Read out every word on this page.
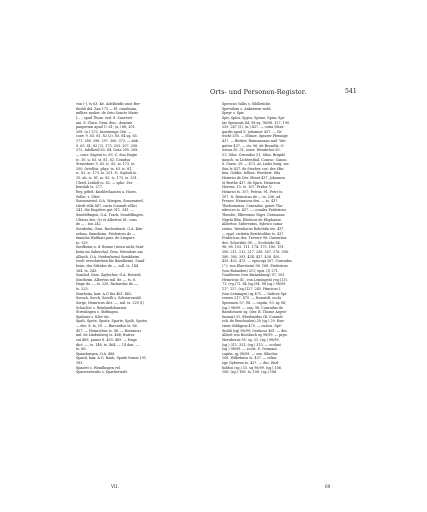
Orts- und Personen-Register.	541
von (-), ts 63; Ke. Adelheidis uxor Ber-
tholdi del. Zan 172 — El. conubium,
milher. mulier. de Orto Sancte Marie
[— ; spud Thum. eed. 8. Suavesti-
ani. S. Clara. Gent. disc., dearum
pauperum apud U. 61; (u.) 68; 201.
208. (u.) 272. Iusemenge 266. —
conv. 9. 63. 81. 82 (2). 83. 84 sq. 85.
171. 280. 296. 297. 306. 373. — abb.
9. 63. 81. 82 (2). 173. 203. 207. 208.
272. Adelheid 83. 84. Guta 200. 208.
— conv. Sagern io. 63. C. don Hagte
ic. 10. u. 63. st. 81. 82. Coradus
Strassburc 9. 63. ic. 82. io. 173. io.
200. Ortolfus. phys. ts. 63. ic. 81.
ic. 82. ic. 173. io. 201. 8;. Sigholt io.
10. ab. ic. 81. io. 82. ic. 173. io. 201.
Ulrich Leidolf io. 82. — splie. Zei-
benslab ts. 277.
Rey, pébel. Knoblethausen a. Hoerc.
Selbe. s. Slter.
Sonnenwied, O.A. Wimpen, Sonnenried,
rtiedt villa 467. curia Conradi villici
241. die Engelers gut 311. 341. —
Sendelfingen, O.A. Track, Sendelfingen.
Ulricus des. Os et Albertus 81. cons
de — , ton 242.
Sornbelm, Gem. Bachenbach, O.A. Kün-
zelsau, Samsheim. Fridericus de —
famulus Walthari pins. de Limpurs
io. 129.
Sordheim u. d. Breme (wenn nicht Sent-
heim im Sakerchal, Gem. Steindorn am
Albuch, O.A. Neidenheim) Sumkheim
(welt verschrieben für Bandheim). Sund-
heim. des Sifridus de —, soll. ts. 144.
164. ts. 243.
Somhof, Gem. Zaylocher, O.A. Rotweil,
Sontheim. Albertus mil. de —, ts. 8.
Hage de —, ts. 220. Richardus de —,
ts. 225.
Somheim, bair. A.G Itis 461. 462.
Sorach, Sorch, Sorelli s. Schwarzwald.
Sorge, Heinricus dict. —, mil. ts. 229 (I)
Schacher s. Reinhardshausen.
Streulingen s. Stiftingen.
Spalmer s. Klee etc.
Spalt, Spote, Spoits, Sporte, Spolt, Spoite,
— des. 8. ts. 59. — Burcardus ts. 86.
457. — Heinrichus ts. 86. — Heinricus
mil. de Lindenberg ts. 466; fratres
sui 469; paiser 8. 459. 469. — Hage
dict. —, ts. 148. ts. 464. — 14 dan. —,
ts. 86.
Spamburgen, O.A. 466.
Spanil, bair. A.G. Rank, Spaite forum 191.
183.
Spazett s. Wendlingen vel.
Sparwerswahs s. Sparberwalt.
Spericus Vallis s. Sihlbrücke.
Spevsilem s. Ankerzem wohl.
Speyr s. Spir.
Spir, Spira, Spyra, Spirae, Spiar, Spi-
tar Spiravais 84. 98 sq. 96/98. 127. 190.
255. 267 (2). (u.) 437. — curia Mera-
gardis apud S. Johanner 437. — Ge-
wicht 250. — Münze. Spiurer Pfennige
437. — Bürber. Reinmannus mul. Wei-
gatter 437. — civ. 96. de Brusella. O-
wieon 50. 51; scarr. Wendrchir 50.
51; Silos. Conradus 51; Silas. Brigide
monch. in Lichtenthal. Conrac. Canon.
S. Germ. 29. — 473. Ar. Liebe burg. sor.
Sim le 437. de Sterber. ces. des Sfin-
ben. Goldin. tellera. Weribert. Sila
Heinrici de Der. Sfeint 437. Johannes
et Berthe 437. de Spira. Heinricus
Herven. 15. ts. 107. Pridor. V.
Heinrici ts. 107; Petrus. 91. Petri ts.
107. N. Heinricus de — ts. 236. ad
Prenes. Heinricus des. — ts. 437.
Thedomarius. Conradus. gener Tha-
ndesces io. 437. — conales Fridericus
Theodic. Elbewinus Nigri. Germanus
Nigrlu Blin. Eledicus de Elephante,
Albertus. Siderentus, Sybrico cama-
rarius. Wernherus Rebohlin tes. 437.
— eppl. civitatis Berchtoldus ts. 437.
Fridericus des. Trevere 98. Gaisrubus
des. Schertiilo 98. — Eccleside 64.
96. 98. 103. 111. 174. 175. 180. 191.
200. 211. 212. 217. 236. 267. 278. 306.
380. 385. 393. 434. 437. 438. 450.
435. 452. 475. — episcopi 167. Conradus
(^). von Eberstein) 96. 166. Fridericus
(von Bolanden) 211; epis. (I) 271.
Guntherus (von Bienenburg) 97. 103.
Heinricus (II., von Leiningen) reg.(13).
71. (vg.)71. 84 (sg.)94. 98 (sg.) 98/99.
11°. 127. (sg.)127. 245. Hinricus I.
(von Leiningen) sg 475. — ludices Spi-
renses 217. 475. — Domstift, eccla
Spiremen 57. 98. — capitn. 93. sg 94;
(sg.) 98/99. — can. 98. Conradus de
Baruheusen sg. (der. B. Thome Argen-
tinensi) 51. Eberhardus (B. Conradi
roh. de Bruchsalen) 20 (sg.) 29. Emi-
rinus Oddigrus 475. — custos. Spe-
tholdi (sg) 98/99; Gerlacus 461. — dec.
Albert von Rossbach sg 98/99. — prps.
Wernherus 50. sg. 51. (sg.) 98/99.
(sg.) 311. 331; (sg.) 313. — scolast.
(sg.) 98/99. — eccla. S. Germani.
capitn. sg 98/99. — can. Sibodus
106. Wilhelmus ts. 437. — relini-
sgr. Dybernn ts. 437. — dec. Berl-
holdus (sg.) 51. sg 98/99. (sg.) 106.
106. (sg.) 106. ts. 106. (sg.) 106.
VII.	69
